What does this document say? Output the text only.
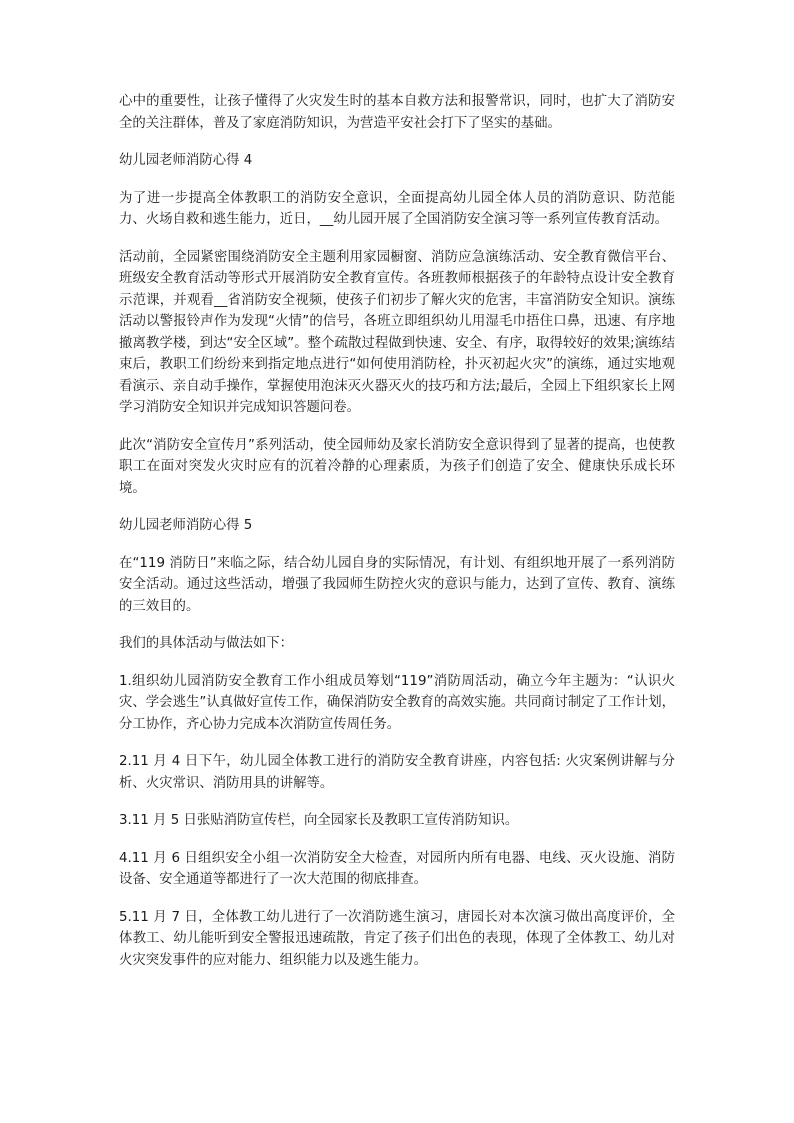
心中的重要性，让孩子懂得了火灾发生时的基本自救方法和报警常识，同时，也扩大了消防安全的关注群体，普及了家庭消防知识，为营造平安社会打下了坚实的基础。

幼儿园老师消防心得 4

为了进一步提高全体教职工的消防安全意识，全面提高幼儿园全体人员的消防意识、防范能力、火场自救和逃生能力，近日，__幼儿园开展了全国消防安全演习等一系列宣传教育活动。

活动前，全园紧密围绕消防安全主题利用家园橱窗、消防应急演练活动、安全教育微信平台、班级安全教育活动等形式开展消防安全教育宣传。各班教师根据孩子的年龄特点设计安全教育示范课，并观看__省消防安全视频，使孩子们初步了解火灾的危害，丰富消防安全知识。演练活动以警报铃声作为发现“火情”的信号，各班立即组织幼儿用湿毛巾捂住口鼻，迅速、有序地撤离教学楼，到达“安全区域”。整个疏散过程做到快速、安全、有序，取得较好的效果;演练结束后，教职工们纷纷来到指定地点进行“如何使用消防栓，扑灭初起火灾”的演练，通过实地观看演示、亲自动手操作，掌握使用泡沫灭火器灭火的技巧和方法;最后，全园上下组织家长上网学习消防安全知识并完成知识答题问卷。

此次“消防安全宣传月”系列活动，使全园师幼及家长消防安全意识得到了显著的提高，也使教职工在面对突发火灾时应有的沉着冷静的心理素质，为孩子们创造了安全、健康快乐成长环境。

幼儿园老师消防心得 5

在“119 消防日”来临之际，结合幼儿园自身的实际情况，有计划、有组织地开展了一系列消防安全活动。通过这些活动，增强了我园师生防控火灾的意识与能力，达到了宣传、教育、演练的三效目的。

我们的具体活动与做法如下：

1.组织幼儿园消防安全教育工作小组成员筹划“119”消防周活动，确立今年主题为：“认识火灾、学会逃生”认真做好宣传工作，确保消防安全教育的高效实施。共同商讨制定了工作计划，分工协作，齐心协力完成本次消防宣传周任务。

2.11 月 4 日下午，幼儿园全体教工进行的消防安全教育讲座，内容包括: 火灾案例讲解与分析、火灾常识、消防用具的讲解等。

3.11 月 5 日张贴消防宣传栏，向全园家长及教职工宣传消防知识。

4.11 月 6 日组织安全小组一次消防安全大检查，对园所内所有电器、电线、灭火设施、消防设备、安全通道等都进行了一次大范围的彻底排查。

5.11 月 7 日，全体教工幼儿进行了一次消防逃生演习，唐园长对本次演习做出高度评价，全体教工、幼儿能听到安全警报迅速疏散，肯定了孩子们出色的表现，体现了全体教工、幼儿对火灾突发事件的应对能力、组织能力以及逃生能力。
